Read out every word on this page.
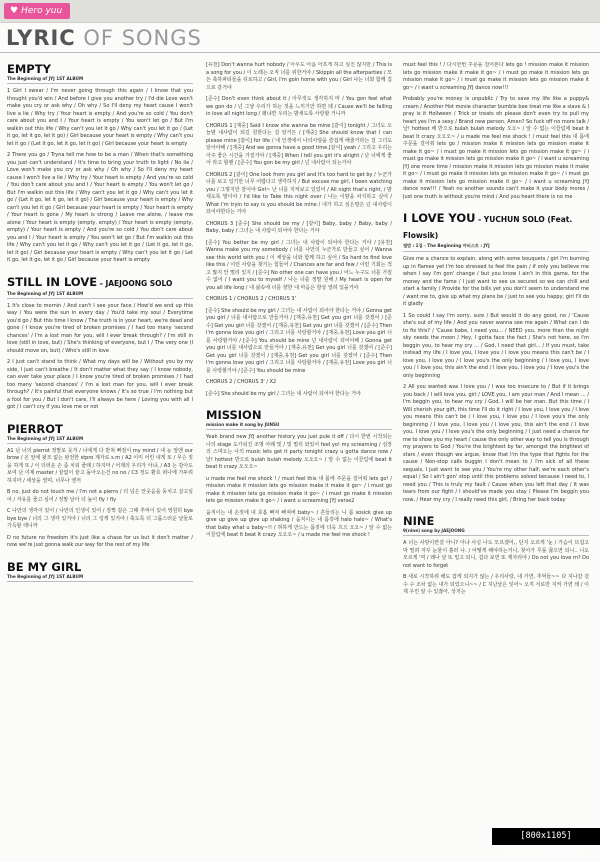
♥ Hero yuu
LYRIC OF SONGS
EMPTY
The Beginning of JYJ 1ST ALBUM

1 Girl I swear / I'm never going through this again / I know that you thought you'd win / And before I give you another try / I'd die Love won't make you cry or ask why / Oh why / So I'll deny my heart cause I won't live a lie / Why try / Your heart is empty / And you're so cold / You don't care about you and I / Your heart is empty / You won't let go / But I'm walkin out this life / Why can't you let it go / Why can't you let it go / (Let it go, let it go, let it go) / Girl because your heart is empty / Why can't you let it go / (Let it go, let it go, let it go) / Girl because your heart is empty

2 There you go / Tryna tell me how to be a man / When that's something you just can't understand / It's time to bring your truth to light / No lie / Love won't make you cry or ask why / Oh why / So I'll deny my heart cause I won't live a lie / Why try / Your heart is empty / And you're so cold / You don't care about you and I / Your heart is empty / You won't let go / But I'm walkin out this life / Why can't you let it go / Why can't you let it go / (Let it go, let it go, let it go) / Girl because your heart is empty / Why can't you let it go / Girl because your heart is empty / Your heart is empty / Your heart is gone / My heart is strong / Leave me alone, / leave me alone / Your heart is empty (empty, empty) / Your heart is empty (empty, empty) / Your heart is empty / And you're so cold / You don't care about you and I / Your heart is empty / You won't let go / But I'm walkin out this life / Why can't you let it go / Why can't you let it go / (Let it go, let it go, let it go) / Girl because your heart is empty / Why can't you let it go / Let it go, let it go, let it go / Girl because your heart is empty

STILL IN LOVE - JAEJOONG SOLO
The Beginning of JYJ 1ST ALBUM

1 It's close to mornin / And can't I see your face / How'd we end up this way / You were the sun in every day / You'd take my soul / Everytime you'd go / But this time I know / The truth is in your heart, we're dead and gone / I know you're tired of broken promises / I had too many 'second chances' / I'm a lost man for you, will I ever break through? / I'm still in love (still in love, but) / She's thinking of everyone, but I / The very one (I should move on, but) / Who's still in love

2 I just can't stand to think / What my days will be / Without you by my side, I just can't breathe / It don't matter what they say / I know nobody, can ever take your place / I know you're tired of broken promises / I had too many 'second chances' / I'm a lost man for you, will I ever break through? / It's painful that everyone knows / It's so true / I'm nothing but a fool for you / But I don't care, I'll always be here / Loving you with all I got / I can't cry if you love me or not

PIERROT
The Beginning of JYJ 1ST ALBUM

A1 난 너의 pierrot 정말로 웃겨 / 너에게 다 받쳐 빠짐이 my mind / 내 눈 앞엔 our brow / 온 앞에 뒷모 없는 완전한 stpro 제자로 s.m / A2 이미 어린 내게 또 / 무슨 짓을 하게 또 / 이 더러운 손 좀 치워 줄래 / 하지마 / 어제의 우리가 아냐, / A3 는 감아도 보여 난 이제 master / 끝없이 끝고 돌아오는건 no no / C3 정도 환호 떠나에 가두려 하지마 / 세상을 열며, 너무나 엔저

B no, just do not touch me / I'm not a pierro / 더 넘은 안웃음을 동치고 살고싶어 / 자유를 줄고 싶어 / 정말 날아 더 높이 fly ! fly

C 나만의 생각이 있어 / 나만의 인생이 있어 / 검쩍 같은 그때 추억이 있어 영원히 bye bye bye / 너의 그 생각 있거야 / 너의 그 링게 있거야 / 축도록 더 그룹스러운 날들로 가득할 테니까

D no future no freedom it's just like a chase for us but it don't matter / now we're just gonna walk our way for the rest of my life

BE MY GIRL
The Beginning of JYJ 1ST ALBUM

[유천] Don't wanna hurt nobody / 아무도 아픔 아프게 하고 싶진 않지만 / This is a song for you / 이 노래는 오직 너를 위한거야 / Skippin all the afterparties / 모든 축하파티들을 뒤로하고 / Girl, I'm goin home with you / Girl 나는 너와 함께 집으로 갈거야

[준수] Don't even think about it / 아무것도 생각하지 마 / You gon feel what we gon do / 넌 그냥 우리가 하는 것을 느끼기만 하면 돼 / Cause we'll be falling in love all night long / 왜냐면 우리는 밤새도록 사랑할 거니까

CHORUS 1 [재중] Said I know she wanna be mine [같이] tonight / 그녀도 오늘밤 내사람이 되길 원한다는 걸 알거든 / [재중] She should know that I can please mine [같이] for life / 내 인생에서 나의사랑을 즐겁게 해줄거라는 걸 그녀도 알아야해 / [재중] And we gonna have a good time.[같이] yeah / 그리고 우리는 아주 좋은 시간을 가질거야 / [재중] When I tell you girl it's alright / 난 너에게 좋아 라고 할땐 / [준수] You gon be my girl / 넌 내사람이 되는거야

CHORUS 2 [같이] One look from you girl and It's too hard to get by / 누군가 너를 보고 있기만 너무 어렵다고 생각하지 / But excuse me girl, I been watching you / 그렇지만 잘이야 Girl~ 난 너를 지켜보고 있었어 / All night that's right, / 밤새도록 말이야 / I'd like to Take this night over / 나는 이밤을 차지하고 싶어 / What I'm tryin to say is you should be mine / 내가 하고 싶은말은 넌 내사람이 되어야한다는 거야

CHORUS 3 [준수] She should be my / [같이] Baby, baby / Baby, baby / Baby, baby / 그녀는 내 사람이 되어야 한다는 거야

[준수] You better be my girl / 그녀는 내 사람이 되어야 한다는 거야 / [유천] Wanna make you my somebody / 너를 나만의 누군가로 만들고 싶어 / Wanna see this world with you / 이 세상을 너와 함께 하고 싶어 / So hard to find love like this / 이런 사랑을 찾기는 힘들어 / Chances are far and few / 이런 기회는 적고 많지 안 멀리 있지 / [준수] No other one can have you / 어느 누구도 너를 가질 수 없어 / I want you to myself / 나는 너를 정말 원해 / My heart is open for you all life long / 내 삶속에 너를 향한 내 마음은 항상 열려 있을거야

CHORUS 1 / CHORUS 2 / CHORUS 3'

[준수] She should be my girl / 그녀는 내 사람이 되어야 한다는 거야 / Gonna get you girl / 너를 내사람으로 만들거야 / [재중,유천] Get you girl 너를 갖겠어 / [준수] Get you girl 너를 갖겠어 / [재중,유천] Get you girl 너를 갖겠어 / [준수] Then I'm gonna love you girl / 그리고 너를 사랑할거야 / [재중,유천] Love you girl 너를 사랑할거야 / [준수] You should be mine 넌 내사람이 되어야해 / Gonna get you girl 너를 내사람으로 만들거야 / [재중,유천] Get you girl 너를 갖겠어 / [준수] Get you girl 너를 갖겠어 / [재중,유천] Get you girl 너를 갖겠어 / [준수] Then I'm gonna love you girl / 그리고 너를 사랑할거야 / [재중,유천] Love you girl 너를 사랑할거야 / [준수] You should be mine

CHORUS 2 / CHORUS 3' / X2

[준수] She should be my girl / 그녀는 내 사람이 되어야 한다는 거야

MISSION
mission make it song by JUNSU

Yeah brand new JYJ another history you just pule it off / 다시 한번 시작되는 나의 stage 도가워진 조명 아래 빛 / 빛 멀리 와있어 feel yo! my screaming / 심장의 스며오는 나의 music lets get it party tonight crazy u gotta dance now / 날! hottest 반으로 bulah bulah melody 오오오~ / 앞 수 없는 이끌림에 beat It beat It crazy 오오오~

u made me feel me shock ! / must feel this 내 몸에 주문을 걸어줘 lets go! / mission make it mission lets go mission make it make it go~ / i must go make it mission lets go mission make it go~ / i must go make it mission lets go mission make it go~ / i want u screaming JYJ verse2

움직이는 내 손짓에 내 호흡 빠져 빠져버 baby~ / 흔들리는 니 몸 sosick give up give up give up give up shaking / 움직이는 내 몸짓에 halo halo~ / What's that baby what u baby~!! / 혀하게 만드는 몸짓에 더욱 흐으 오오~ / 앞 수 없는 이끌림에 beat It beat It crazy 오오오~ / u made me feel me shock !

must feel this ! / 다시한번 주문을 걸어본다 lets go ! mission make it mission lets go mission make it make it go~ / i must go make it mission lets go mission make it go~ / i must go make it mission lets go mission make it go~ / i want u screaming JYJ dance now!!!

Probably you're money is unpublic / Try to save my life like a puppy& cream / Another Hot movie character bumble bee treat me like a slave & I pray is it Hollween / Trick or treats oh please don't even try to pull my heart yes I'm a sexy / Brand new person. Amen? So fuck off no more talk / 날! hottest 해 반으로 bulah bulah melody 오오~ / 앞 수 없는 이끌림에 beat It beat It crazy 오오오~ / u made me feel me shock ! / must feel this 내 몸에 주문을 걸어줘 lets go / mission make it mission lets go mission make it make it go~ / i must go make it mission lets go mission make it go~ / i must go make it mission lets go mission make it go~ / i want u screaming JYJ one more time / mission make it mission lets go mission make it make it go~ / i must go make it mission lets go mission make it go~ / i must go make it mission lets go mission make it go~ / i want u screaming JYJ dance now!!! / Yeah no another sounds can't make it your body mores / Just one truth is without you're mind / And you heart there is no me

I LOVE YOU - YUCHUN SOLO (Feat. Flowsik)
앨범 : 1집 - The Beginning 아티스트 : JYJ

Give me a chance to explain, along with some bouquets / girl I'm burning up in flames yet I'm too stressed to feel the pain / if only you believe me when I say I'm gon' change / but you know I ain't in this game, for the money and the fame / I just want to see us secured so we can chill and start a family / Provide for the bills yet you don't seem to understand me / want me to, give up what my plans be / just to see you happy, girl I'll do it gladly

1 So could I say I'm sorry, sure / But would it do any good, no / 'Cause she's out of my life / And you never wanna see me again / What can I do to fix this? / 'Cause babe, I need you... / NEED you, more than the night sky needs the moon / Hey, I gotta face the fact / She's not here, so I'm beggin you, to hear my cry ... / God, I need that girl... / If you must, take instead my life / I love you, I love you / I love you means this can't be / I love you, I love you / I love you's the only beginning / I love you, I love you / I love you, this ain't the end / I love you, I love you / I love you's the only beginning

2 All you wanted was I love you / I was too insecure to / But if it brings you back / I will love you, girl / LOVE you, I am your man / And I mean ... / I'm beggin you, to hear my cry / God, I will be her man. But this time / I Will cherish your gift, this time I'll do it right / I love you, I love you / I love you means this can't be / I love you, I love you / I love you's the only beginning / I love you, I love you / I love you, this ain't the end / I love you, I love you / I love you's the only beginning / I just need a chance for me to show you my heart / cause the only other way to tell you is through my prayers to God / You're the brightest by far, amongst the brightest of stars / even though we argue, know that I'm the type that fights for the cause / Non-stop calls buggin I don't mean to / I'm sick of all these sequals, I just want to see you / You're my other half, we're each other's equal / So I ain't gon' stop until this problems solved because I need to, I need you / This is truly my fault / Cause when you left that day / It was tears from our fight / I should've made you stay / Please I'm beggin you now, / Hear my cry / I really need this girl, / Bring her back today

NINE
9(nine) song by JAEJOONG

A 너는 사랑이란걸 아니? 아냐 사실 나도 모르겠어,, 단지 오르게 '눈 / 가슴이 뜨겁고 막 떨려 자꾸 눈물이 흘러 나. / 어떻게 해야하는거니, 찾아가 무릎 끓으면 되니.. 니도 모르게 '며 / 왜나 날 또 밀고 되니, 겁다 보면 또 제자리야 / Do not you love m? Do not want to forget

B 새로 시작하려 해도 잡게 되지가 않는 / 우리사랑, 내 가면, 추억들~~ 다 지나갈 걸수 수 조차 없는 내가 되었으니~~ / C 지난날은 잊어~ 오직 서로만 지켜 가면 돼 / 이제 우린 알 수 있잖아, 상처는

[800x1105] https://upic.me/
